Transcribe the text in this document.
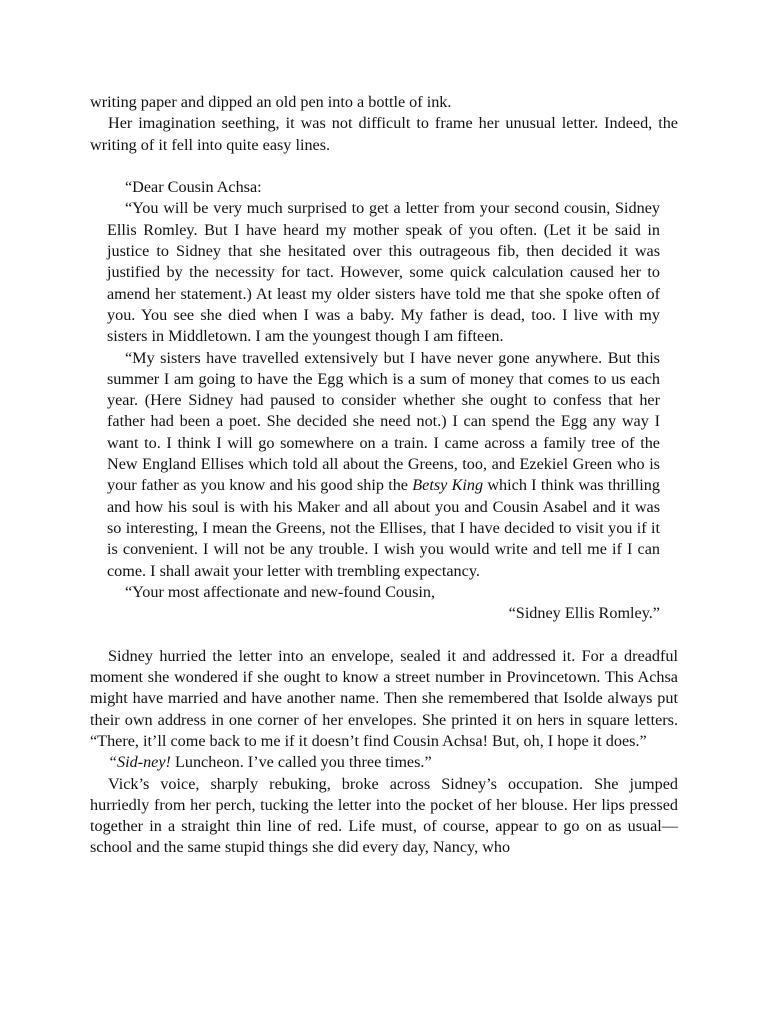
writing paper and dipped an old pen into a bottle of ink.

Her imagination seething, it was not difficult to frame her unusual letter. Indeed, the writing of it fell into quite easy lines.

“Dear Cousin Achsa:

“You will be very much surprised to get a letter from your second cousin, Sidney Ellis Romley. But I have heard my mother speak of you often. (Let it be said in justice to Sidney that she hesitated over this outrageous fib, then decided it was justified by the necessity for tact. However, some quick calculation caused her to amend her statement.) At least my older sisters have told me that she spoke often of you. You see she died when I was a baby. My father is dead, too. I live with my sisters in Middletown. I am the youngest though I am fifteen.

“My sisters have travelled extensively but I have never gone anywhere. But this summer I am going to have the Egg which is a sum of money that comes to us each year. (Here Sidney had paused to consider whether she ought to confess that her father had been a poet. She decided she need not.) I can spend the Egg any way I want to. I think I will go somewhere on a train. I came across a family tree of the New England Ellises which told all about the Greens, too, and Ezekiel Green who is your father as you know and his good ship the Betsy King which I think was thrilling and how his soul is with his Maker and all about you and Cousin Asabel and it was so interesting, I mean the Greens, not the Ellises, that I have decided to visit you if it is convenient. I will not be any trouble. I wish you would write and tell me if I can come. I shall await your letter with trembling expectancy.

“Your most affectionate and new-found Cousin,

“Sidney Ellis Romley.”

Sidney hurried the letter into an envelope, sealed it and addressed it. For a dreadful moment she wondered if she ought to know a street number in Provincetown. This Achsa might have married and have another name. Then she remembered that Isolde always put their own address in one corner of her envelopes. She printed it on hers in square letters. “There, it’ll come back to me if it doesn’t find Cousin Achsa! But, oh, I hope it does.”

“Sid-ney! Luncheon. I’ve called you three times.”

Vick’s voice, sharply rebuking, broke across Sidney’s occupation. She jumped hurriedly from her perch, tucking the letter into the pocket of her blouse. Her lips pressed together in a straight thin line of red. Life must, of course, appear to go on as usual—school and the same stupid things she did every day, Nancy, who
